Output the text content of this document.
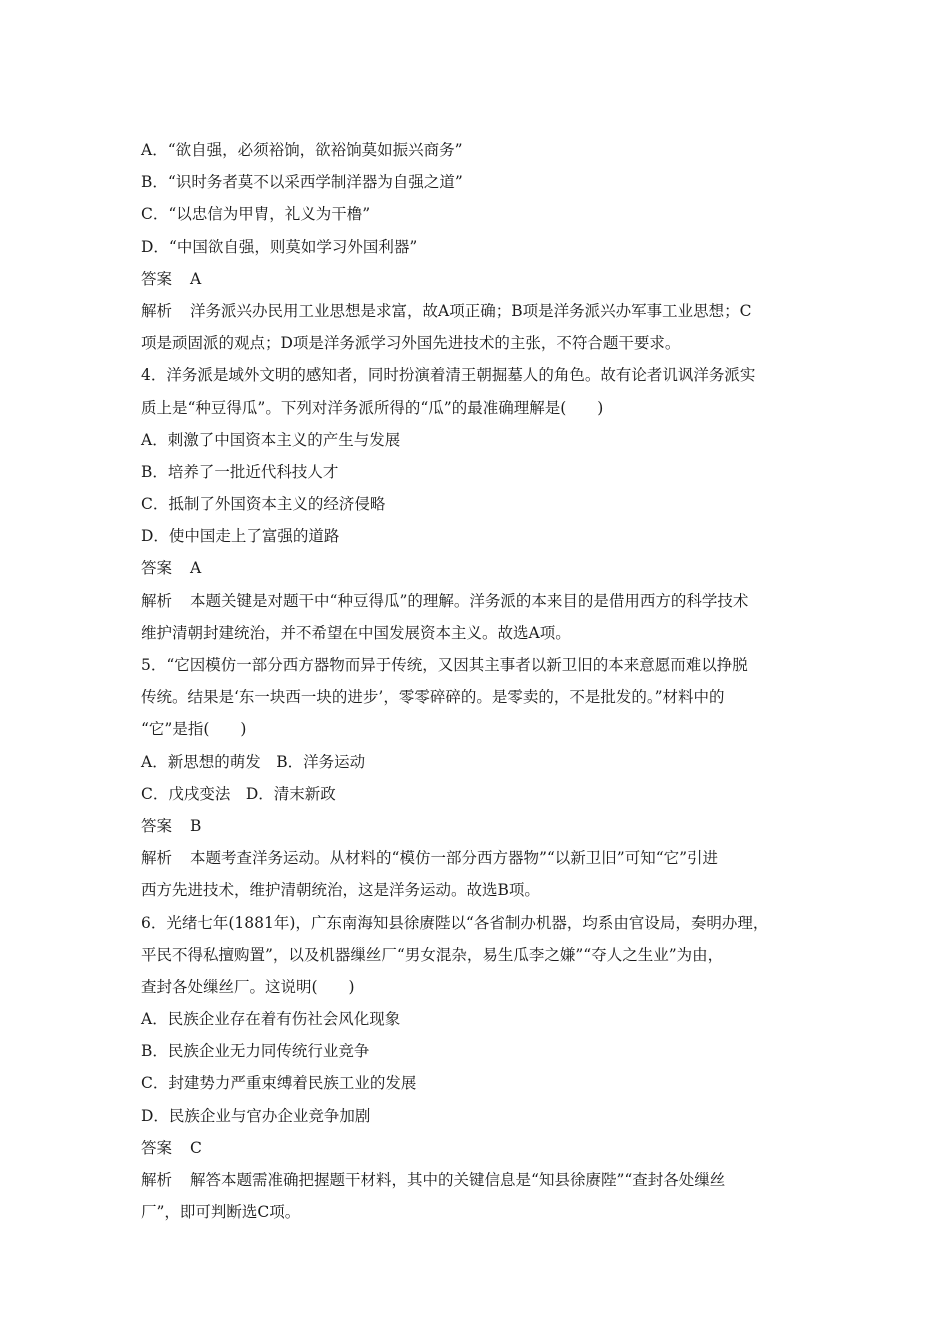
A．“欲自强，必须裕饷，欲裕饷莫如振兴商务”
B．“识时务者莫不以采西学制洋器为自强之道”
C．“以忠信为甲胄，礼义为干橹”
D．“中国欲自强，则莫如学习外国利器”
答案 A
解析 洋务派兴办民用工业思想是求富，故A项正确；B项是洋务派兴办军事工业思想；C
项是顽固派的观点；D项是洋务派学习外国先进技术的主张，不符合题干要求。
4．洋务派是域外文明的感知者，同时扮演着清王朝掘墓人的角色。故有论者讥讽洋务派实
质上是“种豆得瓜”。下列对洋务派所得的“瓜”的最准确理解是(　　)
A．刺激了中国资本主义的产生与发展
B．培养了一批近代科技人才
C．抵制了外国资本主义的经济侵略
D．使中国走上了富强的道路
答案 A
解析 本题关键是对题干中“种豆得瓜”的理解。洋务派的本来目的是借用西方的科学技术
维护清朝封建统治，并不希望在中国发展资本主义。故选A项。
5．“它因模仿一部分西方器物而异于传统，又因其主事者以新卫旧的本来意愿而难以挣脱
传统。结果是‘东一块西一块的进步’，零零碎碎的。是零卖的，不是批发的。”材料中的
“它”是指(　　)
A．新思想的萌发　B．洋务运动
C．戊戌变法　D．清末新政
答案 B
解析 本题考查洋务运动。从材料的“模仿一部分西方器物”“以新卫旧”可知“它”引进
西方先进技术，维护清朝统治，这是洋务运动。故选B项。
6．光绪七年(1881年)，广东南海知县徐赓陛以“各省制办机器，均系由官设局，奏明办理，
平民不得私擅购置”，以及机器缫丝厂“男女混杂，易生瓜李之嫌”“夺人之生业”为由，
查封各处缫丝厂。这说明(　　)
A．民族企业存在着有伤社会风化现象
B．民族企业无力同传统行业竞争
C．封建势力严重束缚着民族工业的发展
D．民族企业与官办企业竞争加剧
答案 C
解析 解答本题需准确把握题干材料，其中的关键信息是“知县徐赓陛”“查封各处缫丝
厂”，即可判断选C项。
